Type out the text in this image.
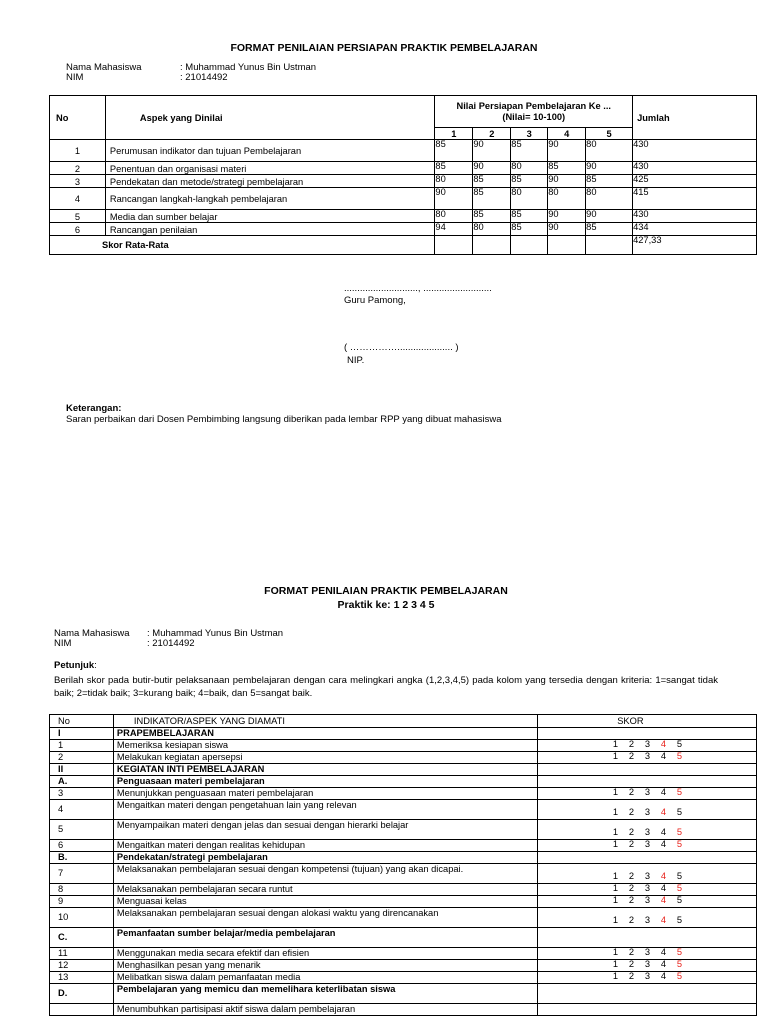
FORMAT PENILAIAN PERSIAPAN PRAKTIK PEMBELAJARAN
Nama Mahasiswa	: Muhammad Yunus Bin Ustman
NIM	: 21014492
No	Aspek yang Dinilai	Nilai Persiapan Pembelajaran Ke ...
(Nilai= 10-100)					Jumlah
		1	2	3	4	5	
1	Perumusan indikator dan tujuan Pembelajaran	85	90	85	90	80	430
2	Penentuan dan organisasi materi	85	90	80	85	90	430
3	Pendekatan dan metode/strategi pembelajaran	80	85	85	90	85	425
4	Rancangan langkah-langkah pembelajaran	90	85	80	80	80	415
5	Media dan sumber belajar	80	85	85	90	90	430
6	Rancangan penilaian	94	80	85	90	85	434
Skor Rata-Rata							427,33
............................, ..........................
Guru Pamong,
( ……………..................... )
NIP.
Keterangan:
Saran perbaikan dari Dosen Pembimbing langsung diberikan pada lembar RPP yang dibuat mahasiswa
FORMAT PENILAIAN PRAKTIK PEMBELAJARAN
Praktik ke: 1 2 3 4 5
Nama Mahasiswa : Muhammad Yunus Bin Ustman
NIM	: 21014492
Petunjuk:
Berilah skor pada butir-butir pelaksanaan pembelajaran dengan cara melingkari angka (1,2,3,4,5) pada kolom yang tersedia dengan kriteria: 1=sangat tidak baik; 2=tidak baik; 3=kurang baik; 4=baik, dan 5=sangat baik.
No	INDIKATOR/ASPEK YANG DIAMATI	SKOR
I	PRAPEMBELAJARAN	
1	Memeriksa kesiapan siswa	1 2 3 4 5

2	Melakukan kegiatan apersepsi	1 2 3 4 5

II	KEGIATAN INTI PEMBELAJARAN	
A.	Penguasaan materi pembelajaran	
3	Menunjukkan penguasaan materi pembelajaran	1 2 3 4 5

4	Mengaitkan materi dengan pengetahuan lain yang relevan	1 2 3 4 5

5	Menyampaikan materi dengan jelas dan sesuai dengan hierarki belajar	1 2 3 4 5

6	Mengaitkan materi dengan realitas kehidupan	1 2 3 4 5

B.	Pendekatan/strategi pembelajaran	
7	Melaksanakan pembelajaran sesuai dengan kompetensi (tujuan) yang akan dicapai.	1 2 3 4 5

8	Melaksanakan pembelajaran secara runtut	1 2 3 4 5

9	Menguasai kelas	1 2 3 4 5

10	Melaksanakan pembelajaran sesuai dengan alokasi waktu yang direncanakan	1 2 3 4 5

C.	Pemanfaatan sumber belajar/media pembelajaran	
11	Menggunakan media secara efektif dan efisien	1 2 3 4 5

12	Menghasilkan pesan yang menarik	1 2 3 4 5

13	Melibatkan siswa dalam pemanfaatan media	1 2 3 4 5

D.	Pembelajaran yang memicu dan memelihara keterlibatan siswa	
	Menumbuhkan partisipasi aktif siswa dalam pembelajaran	
